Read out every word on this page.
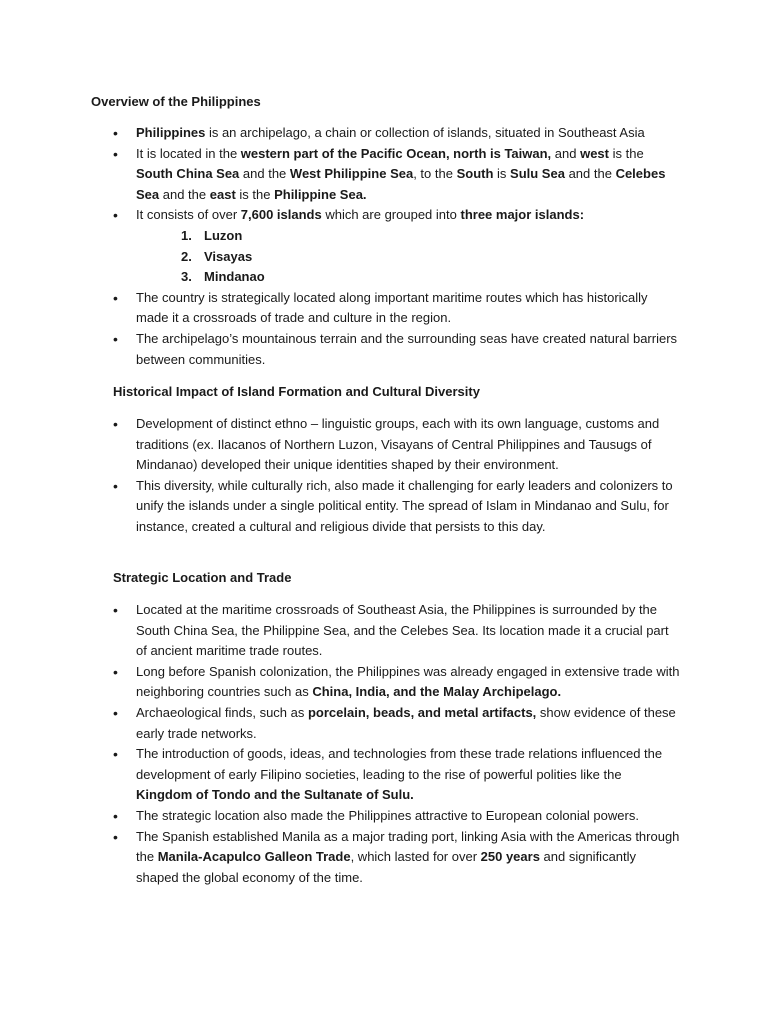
Overview of the Philippines

• Philippines is an archipelago, a chain or collection of islands, situated in Southeast Asia

• It is located in the western part of the Pacific Ocean, north is Taiwan, and west is the South China Sea and the West Philippine Sea, to the South is Sulu Sea and the Celebes Sea and the east is the Philippine Sea.

• It consists of over 7,600 islands which are grouped into three major islands:

1. Luzon
2. Visayas
3. Mindanao

• The country is strategically located along important maritime routes which has historically made it a crossroads of trade and culture in the region.

• The archipelago’s mountainous terrain and the surrounding seas have created natural barriers between communities.

Historical Impact of Island Formation and Cultural Diversity

• Development of distinct ethno – linguistic groups, each with its own language, customs and traditions (ex. Ilacanos of Northern Luzon, Visayans of Central Philippines and Tausugs of Mindanao) developed their unique identities shaped by their environment.

• This diversity, while culturally rich, also made it challenging for early leaders and colonizers to unify the islands under a single political entity. The spread of Islam in Mindanao and Sulu, for instance, created a cultural and religious divide that persists to this day.

Strategic Location and Trade

• Located at the maritime crossroads of Southeast Asia, the Philippines is surrounded by the South China Sea, the Philippine Sea, and the Celebes Sea. Its location made it a crucial part of ancient maritime trade routes.

• Long before Spanish colonization, the Philippines was already engaged in extensive trade with neighboring countries such as China, India, and the Malay Archipelago.

• Archaeological finds, such as porcelain, beads, and metal artifacts, show evidence of these early trade networks.

• The introduction of goods, ideas, and technologies from these trade relations influenced the development of early Filipino societies, leading to the rise of powerful polities like the Kingdom of Tondo and the Sultanate of Sulu.

• The strategic location also made the Philippines attractive to European colonial powers.

• The Spanish established Manila as a major trading port, linking Asia with the Americas through the Manila-Acapulco Galleon Trade, which lasted for over 250 years and significantly shaped the global economy of the time.
